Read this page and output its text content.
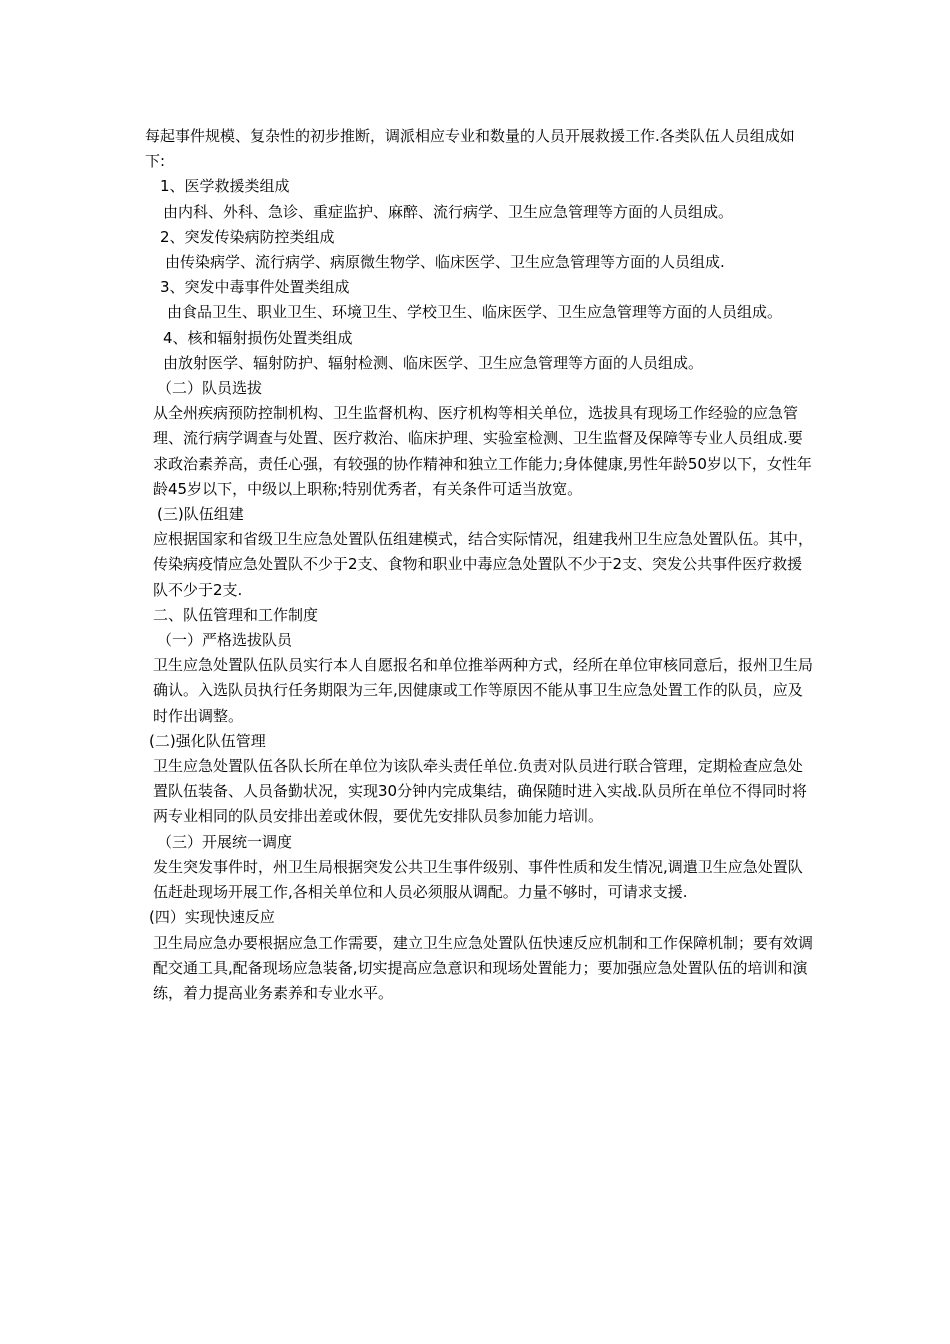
每起事件规模、复杂性的初步推断，调派相应专业和数量的人员开展救援工作.各类队伍人员组成如下:

1、医学救援类组成

由内科、外科、急诊、重症监护、麻醉、流行病学、卫生应急管理等方面的人员组成。

2、突发传染病防控类组成

由传染病学、流行病学、病原微生物学、临床医学、卫生应急管理等方面的人员组成.

3、突发中毒事件处置类组成

由食品卫生、职业卫生、环境卫生、学校卫生、临床医学、卫生应急管理等方面的人员组成。

4、核和辐射损伤处置类组成

由放射医学、辐射防护、辐射检测、临床医学、卫生应急管理等方面的人员组成。

（二）队员选拔

从全州疾病预防控制机构、卫生监督机构、医疗机构等相关单位，选拔具有现场工作经验的应急管理、流行病学调查与处置、医疗救治、临床护理、实验室检测、卫生监督及保障等专业人员组成.要求政治素养高，责任心强，有较强的协作精神和独立工作能力;身体健康,男性年龄50岁以下，女性年龄45岁以下，中级以上职称;特别优秀者，有关条件可适当放宽。

(三)队伍组建

应根据国家和省级卫生应急处置队伍组建模式，结合实际情况，组建我州卫生应急处置队伍。其中，传染病疫情应急处置队不少于2支、食物和职业中毒应急处置队不少于2支、突发公共事件医疗救援队不少于2支.

二、队伍管理和工作制度

（一）严格选拔队员

卫生应急处置队伍队员实行本人自愿报名和单位推举两种方式，经所在单位审核同意后，报州卫生局确认。入选队员执行任务期限为三年,因健康或工作等原因不能从事卫生应急处置工作的队员，应及时作出调整。

(二)强化队伍管理

卫生应急处置队伍各队长所在单位为该队牵头责任单位.负责对队员进行联合管理，定期检查应急处置队伍装备、人员备勤状况，实现30分钟内完成集结，确保随时进入实战.队员所在单位不得同时将两专业相同的队员安排出差或休假，要优先安排队员参加能力培训。

（三）开展统一调度

发生突发事件时，州卫生局根据突发公共卫生事件级别、事件性质和发生情况,调遣卫生应急处置队伍赶赴现场开展工作,各相关单位和人员必须服从调配。力量不够时，可请求支援.

(四）实现快速反应

卫生局应急办要根据应急工作需要，建立卫生应急处置队伍快速反应机制和工作保障机制；要有效调配交通工具,配备现场应急装备,切实提高应急意识和现场处置能力；要加强应急处置队伍的培训和演练，着力提高业务素养和专业水平。
